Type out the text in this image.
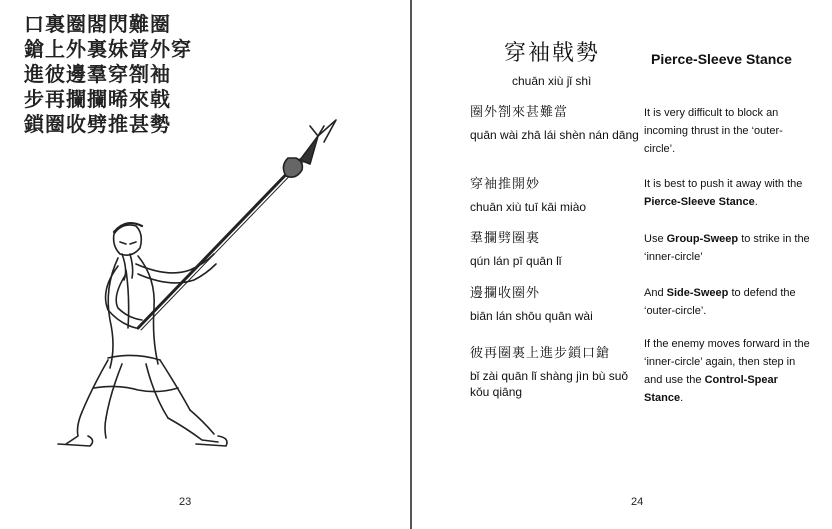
口裏圈閤閃難圈
鎗上外裏妹當外穿
進彼邊羣穿劄袖
步再攔攔晞來戟
鎖圈收劈推甚勢
23
穿袖戟勢
chuān xiù jǐ shì
Pierce-Sleeve Stance
圈外劄來甚難當
quān wài zhā lái shèn nán dāng
It is very difficult to block an incoming thrust in the ‘outer-circle’.
穿袖推開妙
chuān xiù tuī kāi miào
It is best to push it away with the Pierce-Sleeve Stance.
羣攔劈圈裏
qún lán pī quān lǐ
Use Group-Sweep to strike in the ‘inner-circle’
邊攔收圈外
biān lán shōu quān wài
And Side-Sweep to defend the ‘outer-circle’.
彼再圈裏上進步鎖口鎗
bǐ zài quān lǐ shàng jìn bù suǒ kǒu qiāng
If the enemy moves forward in the ‘inner-circle’ again, then step in and use the Control-Spear Stance.
24
